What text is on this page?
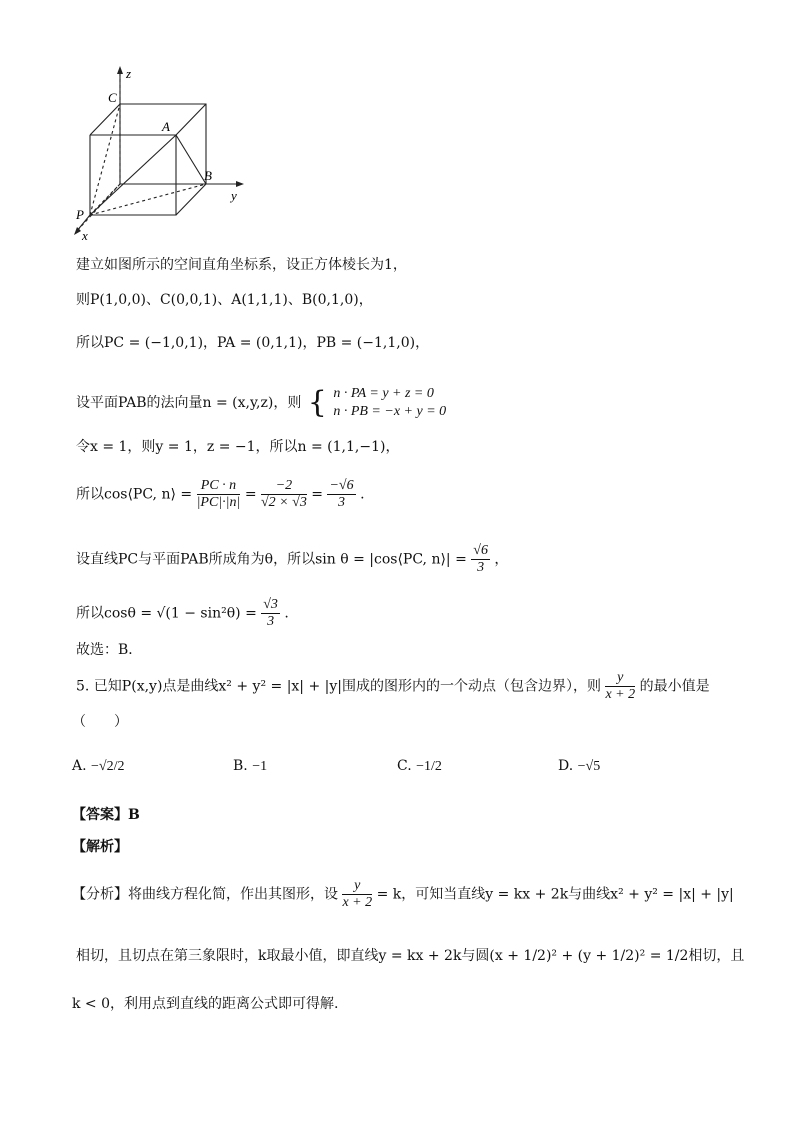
z
C
A
B
y
P
x
建立如图所示的空间直角坐标系，设正方体棱长为1，
则P(1,0,0)、C(0,0,1)、A(1,1,1)、B(0,1,0)，
所以PC = (−1,0,1)，PA = (0,1,1)，PB = (−1,1,0)，
设平面PAB的法向量n = (x,y,z)，则 { n · PA = y + z = 0
n · PB = −x + y = 0
令x = 1，则y = 1，z = −1，所以n = (1,1,−1)，
所以cos⟨PC, n⟩ = $\frac{PC \cdot n}{|PC|\cdot|n|} = \frac{-2}{√2 \times √3} = \frac{-√6}{3}$ .
设直线PC与平面PAB所成角为θ，所以sin θ = |cos⟨PC, n⟩| = $\frac{√6}{3}$ ，
所以$\cos\theta = √(1 - \sin^2\theta) = \frac{√3}{3}$ .
故选：B．
5. 已知P(x,y)点是曲线x² + y² = |x| + |y|围成的图形内的一个动点（包含边界），则 $\frac{y}{x + 2}$ 的最小值是
（　　）
A. −√2/2	B. −1	C. −1/2	D. −√5
【答案】B
【解析】
【分析】将曲线方程化简，作出其图形，设 $\frac{y}{x + 2} = k$，可知当直线y = kx + 2k与曲线x² + y² = |x| + |y|
相切，且切点在第三象限时，k取最小值，即直线y = kx + 2k与圆(x + 1/2)² + (y + 1/2)² = 1/2相切，且
k < 0，利用点到直线的距离公式即可得解.
